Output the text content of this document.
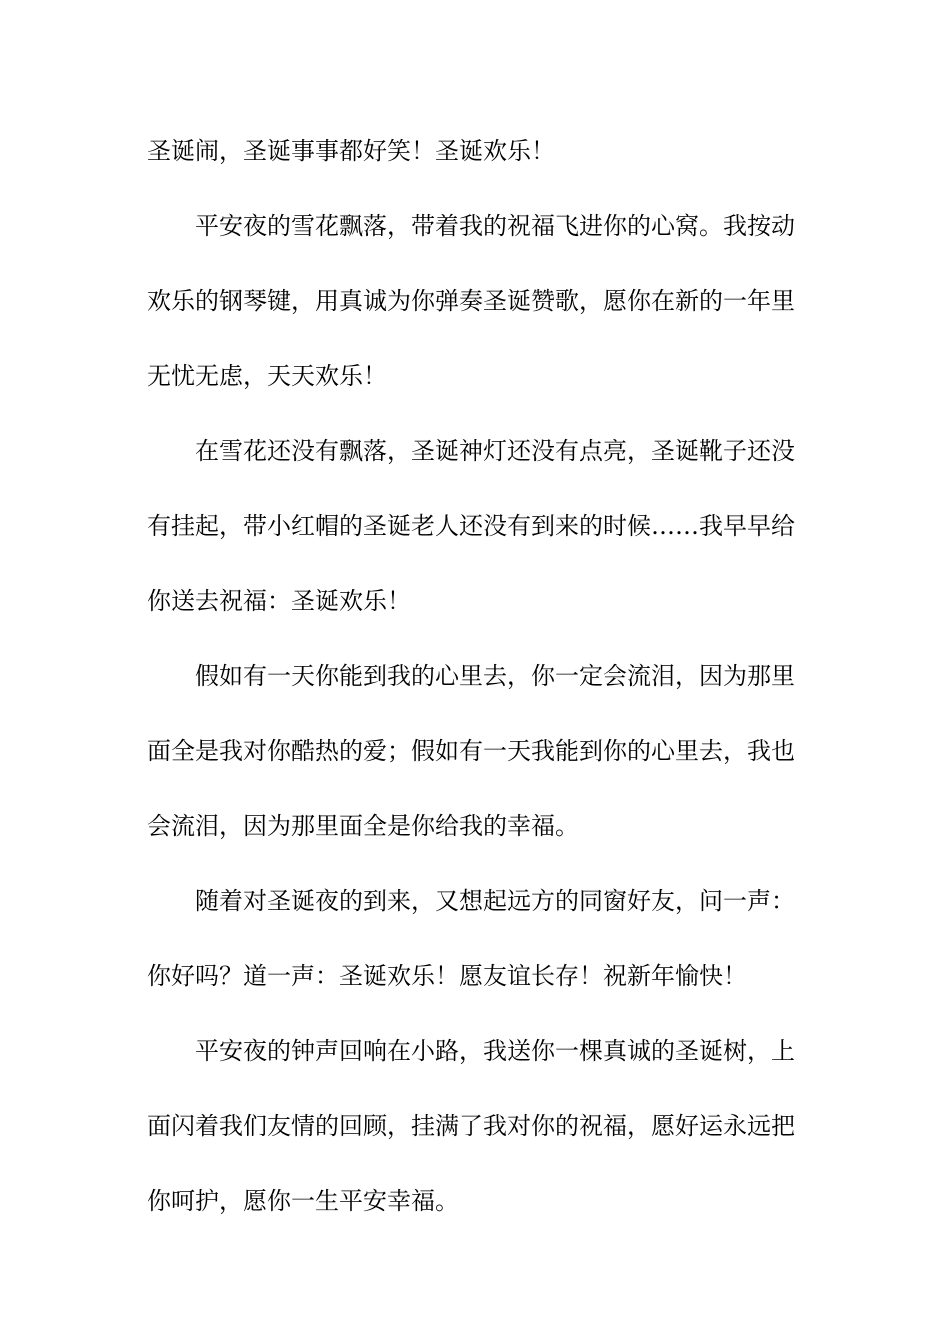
圣诞闹，圣诞事事都好笑！圣诞欢乐！
平安夜的雪花飘落，带着我的祝福飞进你的心窝。我按动
欢乐的钢琴键，用真诚为你弹奏圣诞赞歌，愿你在新的一年里
无忧无虑，天天欢乐！
在雪花还没有飘落，圣诞神灯还没有点亮，圣诞靴子还没
有挂起，带小红帽的圣诞老人还没有到来的时候……我早早给
你送去祝福：圣诞欢乐！
假如有一天你能到我的心里去，你一定会流泪，因为那里
面全是我对你酷热的爱；假如有一天我能到你的心里去，我也
会流泪，因为那里面全是你给我的幸福。
随着对圣诞夜的到来，又想起远方的同窗好友，问一声：
你好吗？道一声：圣诞欢乐！愿友谊长存！祝新年愉快！
平安夜的钟声回响在小路，我送你一棵真诚的圣诞树，上
面闪着我们友情的回顾，挂满了我对你的祝福，愿好运永远把
你呵护，愿你一生平安幸福。
